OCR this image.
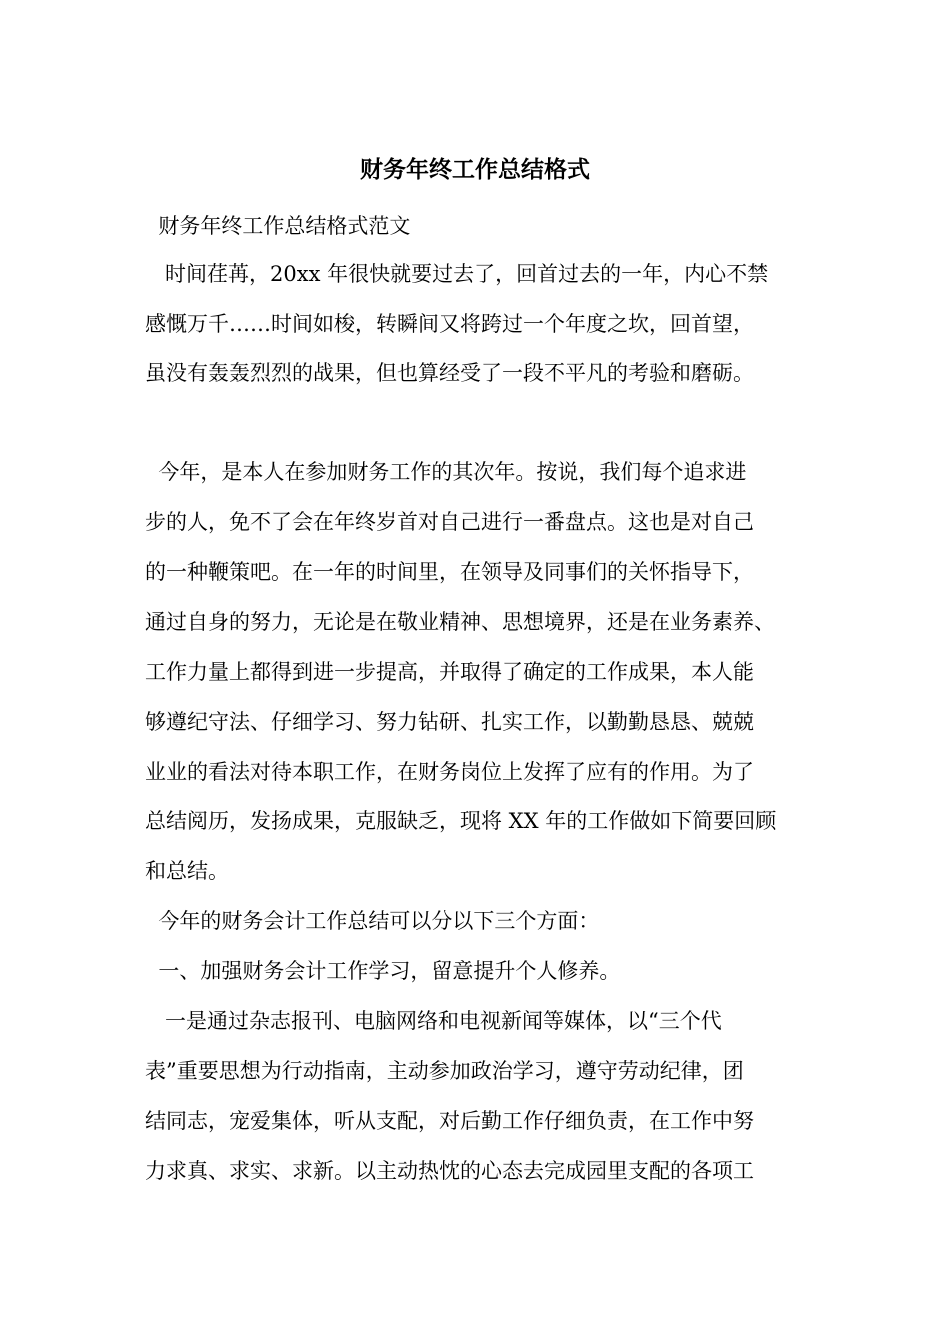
财务年终工作总结格式

财务年终工作总结格式范文

时间荏苒，20xx 年很快就要过去了，回首过去的一年，内心不禁

感慨万千……时间如梭，转瞬间又将跨过一个年度之坎，回首望，

虽没有轰轰烈烈的战果，但也算经受了一段不平凡的考验和磨砺。

今年，是本人在参加财务工作的其次年。按说，我们每个追求进

步的人，免不了会在年终岁首对自己进行一番盘点。这也是对自己

的一种鞭策吧。在一年的时间里，在领导及同事们的关怀指导下，

通过自身的努力，无论是在敬业精神、思想境界，还是在业务素养、

工作力量上都得到进一步提高，并取得了确定的工作成果，本人能

够遵纪守法、仔细学习、努力钻研、扎实工作，以勤勤恳恳、兢兢

业业的看法对待本职工作，在财务岗位上发挥了应有的作用。为了

总结阅历，发扬成果，克服缺乏，现将 XX 年的工作做如下简要回顾

和总结。

今年的财务会计工作总结可以分以下三个方面：

一、加强财务会计工作学习，留意提升个人修养。

一是通过杂志报刊、电脑网络和电视新闻等媒体，以“三个代

表”重要思想为行动指南，主动参加政治学习，遵守劳动纪律，团

结同志，宠爱集体，听从支配，对后勤工作仔细负责，在工作中努

力求真、求实、求新。以主动热忱的心态去完成园里支配的各项工
